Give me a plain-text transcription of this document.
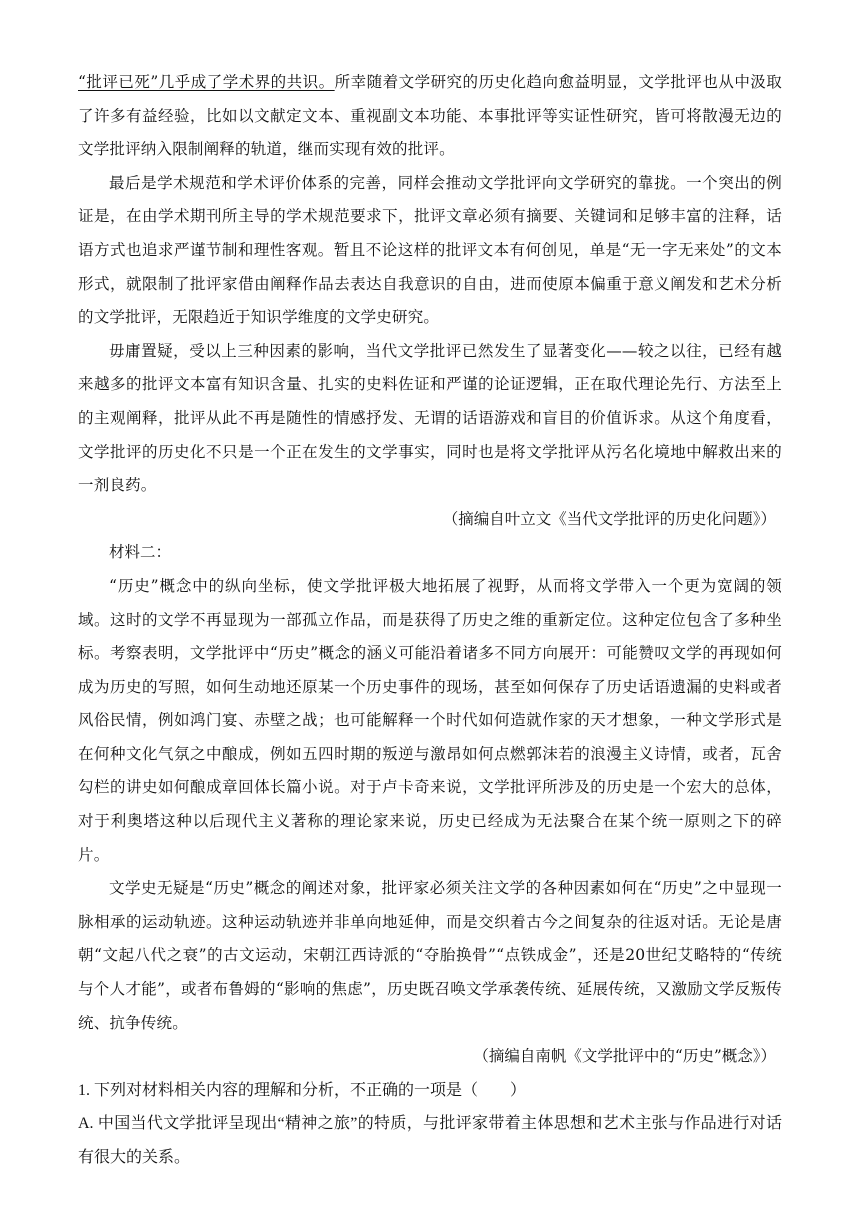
“批评已死”几乎成了学术界的共识。所幸随着文学研究的历史化趋向愈益明显，文学批评也从中汲取了许多有益经验，比如以文献定文本、重视副文本功能、本事批评等实证性研究，皆可将散漫无边的文学批评纳入限制阐释的轨道，继而实现有效的批评。

最后是学术规范和学术评价体系的完善，同样会推动文学批评向文学研究的靠拢。一个突出的例证是，在由学术期刊所主导的学术规范要求下，批评文章必须有摘要、关键词和足够丰富的注释，话语方式也追求严谨节制和理性客观。暂且不论这样的批评文本有何创见，单是“无一字无来处”的文本形式，就限制了批评家借由阐释作品去表达自我意识的自由，进而使原本偏重于意义阐发和艺术分析的文学批评，无限趋近于知识学维度的文学史研究。

毋庸置疑，受以上三种因素的影响，当代文学批评已然发生了显著变化——较之以往，已经有越来越多的批评文本富有知识含量、扎实的史料佐证和严谨的论证逻辑，正在取代理论先行、方法至上的主观阐释，批评从此不再是随性的情感抒发、无谓的话语游戏和盲目的价值诉求。从这个角度看，文学批评的历史化不只是一个正在发生的文学事实，同时也是将文学批评从污名化境地中解救出来的一剂良药。

（摘编自叶立文《当代文学批评的历史化问题》）

材料二：

“历史”概念中的纵向坐标，使文学批评极大地拓展了视野，从而将文学带入一个更为宽阔的领域。这时的文学不再显现为一部孤立作品，而是获得了历史之维的重新定位。这种定位包含了多种坐标。考察表明，文学批评中“历史”概念的涵义可能沿着诸多不同方向展开：可能赞叹文学的再现如何成为历史的写照，如何生动地还原某一个历史事件的现场，甚至如何保存了历史话语遗漏的史料或者风俗民情，例如鸿门宴、赤壁之战；也可能解释一个时代如何造就作家的天才想象，一种文学形式是在何种文化气氛之中酿成，例如五四时期的叛逆与激昂如何点燃郭沫若的浪漫主义诗情，或者，瓦舍勾栏的讲史如何酿成章回体长篇小说。对于卢卡奇来说，文学批评所涉及的历史是一个宏大的总体，对于利奥塔这种以后现代主义著称的理论家来说，历史已经成为无法聚合在某个统一原则之下的碎片。

文学史无疑是“历史”概念的阐述对象，批评家必须关注文学的各种因素如何在“历史”之中显现一脉相承的运动轨迹。这种运动轨迹并非单向地延伸，而是交织着古今之间复杂的往返对话。无论是唐朝“文起八代之衰”的古文运动，宋朝江西诗派的“夺胎换骨”“点铁成金”，还是20世纪艾略特的“传统与个人才能”，或者布鲁姆的“影响的焦虑”，历史既召唤文学承袭传统、延展传统，又激励文学反叛传统、抗争传统。

（摘编自南帆《文学批评中的“历史”概念》）

1. 下列对材料相关内容的理解和分析，不正确的一项是（　　）

A. 中国当代文学批评呈现出“精神之旅”的特质，与批评家带着主体思想和艺术主张与作品进行对话有很大的关系。
